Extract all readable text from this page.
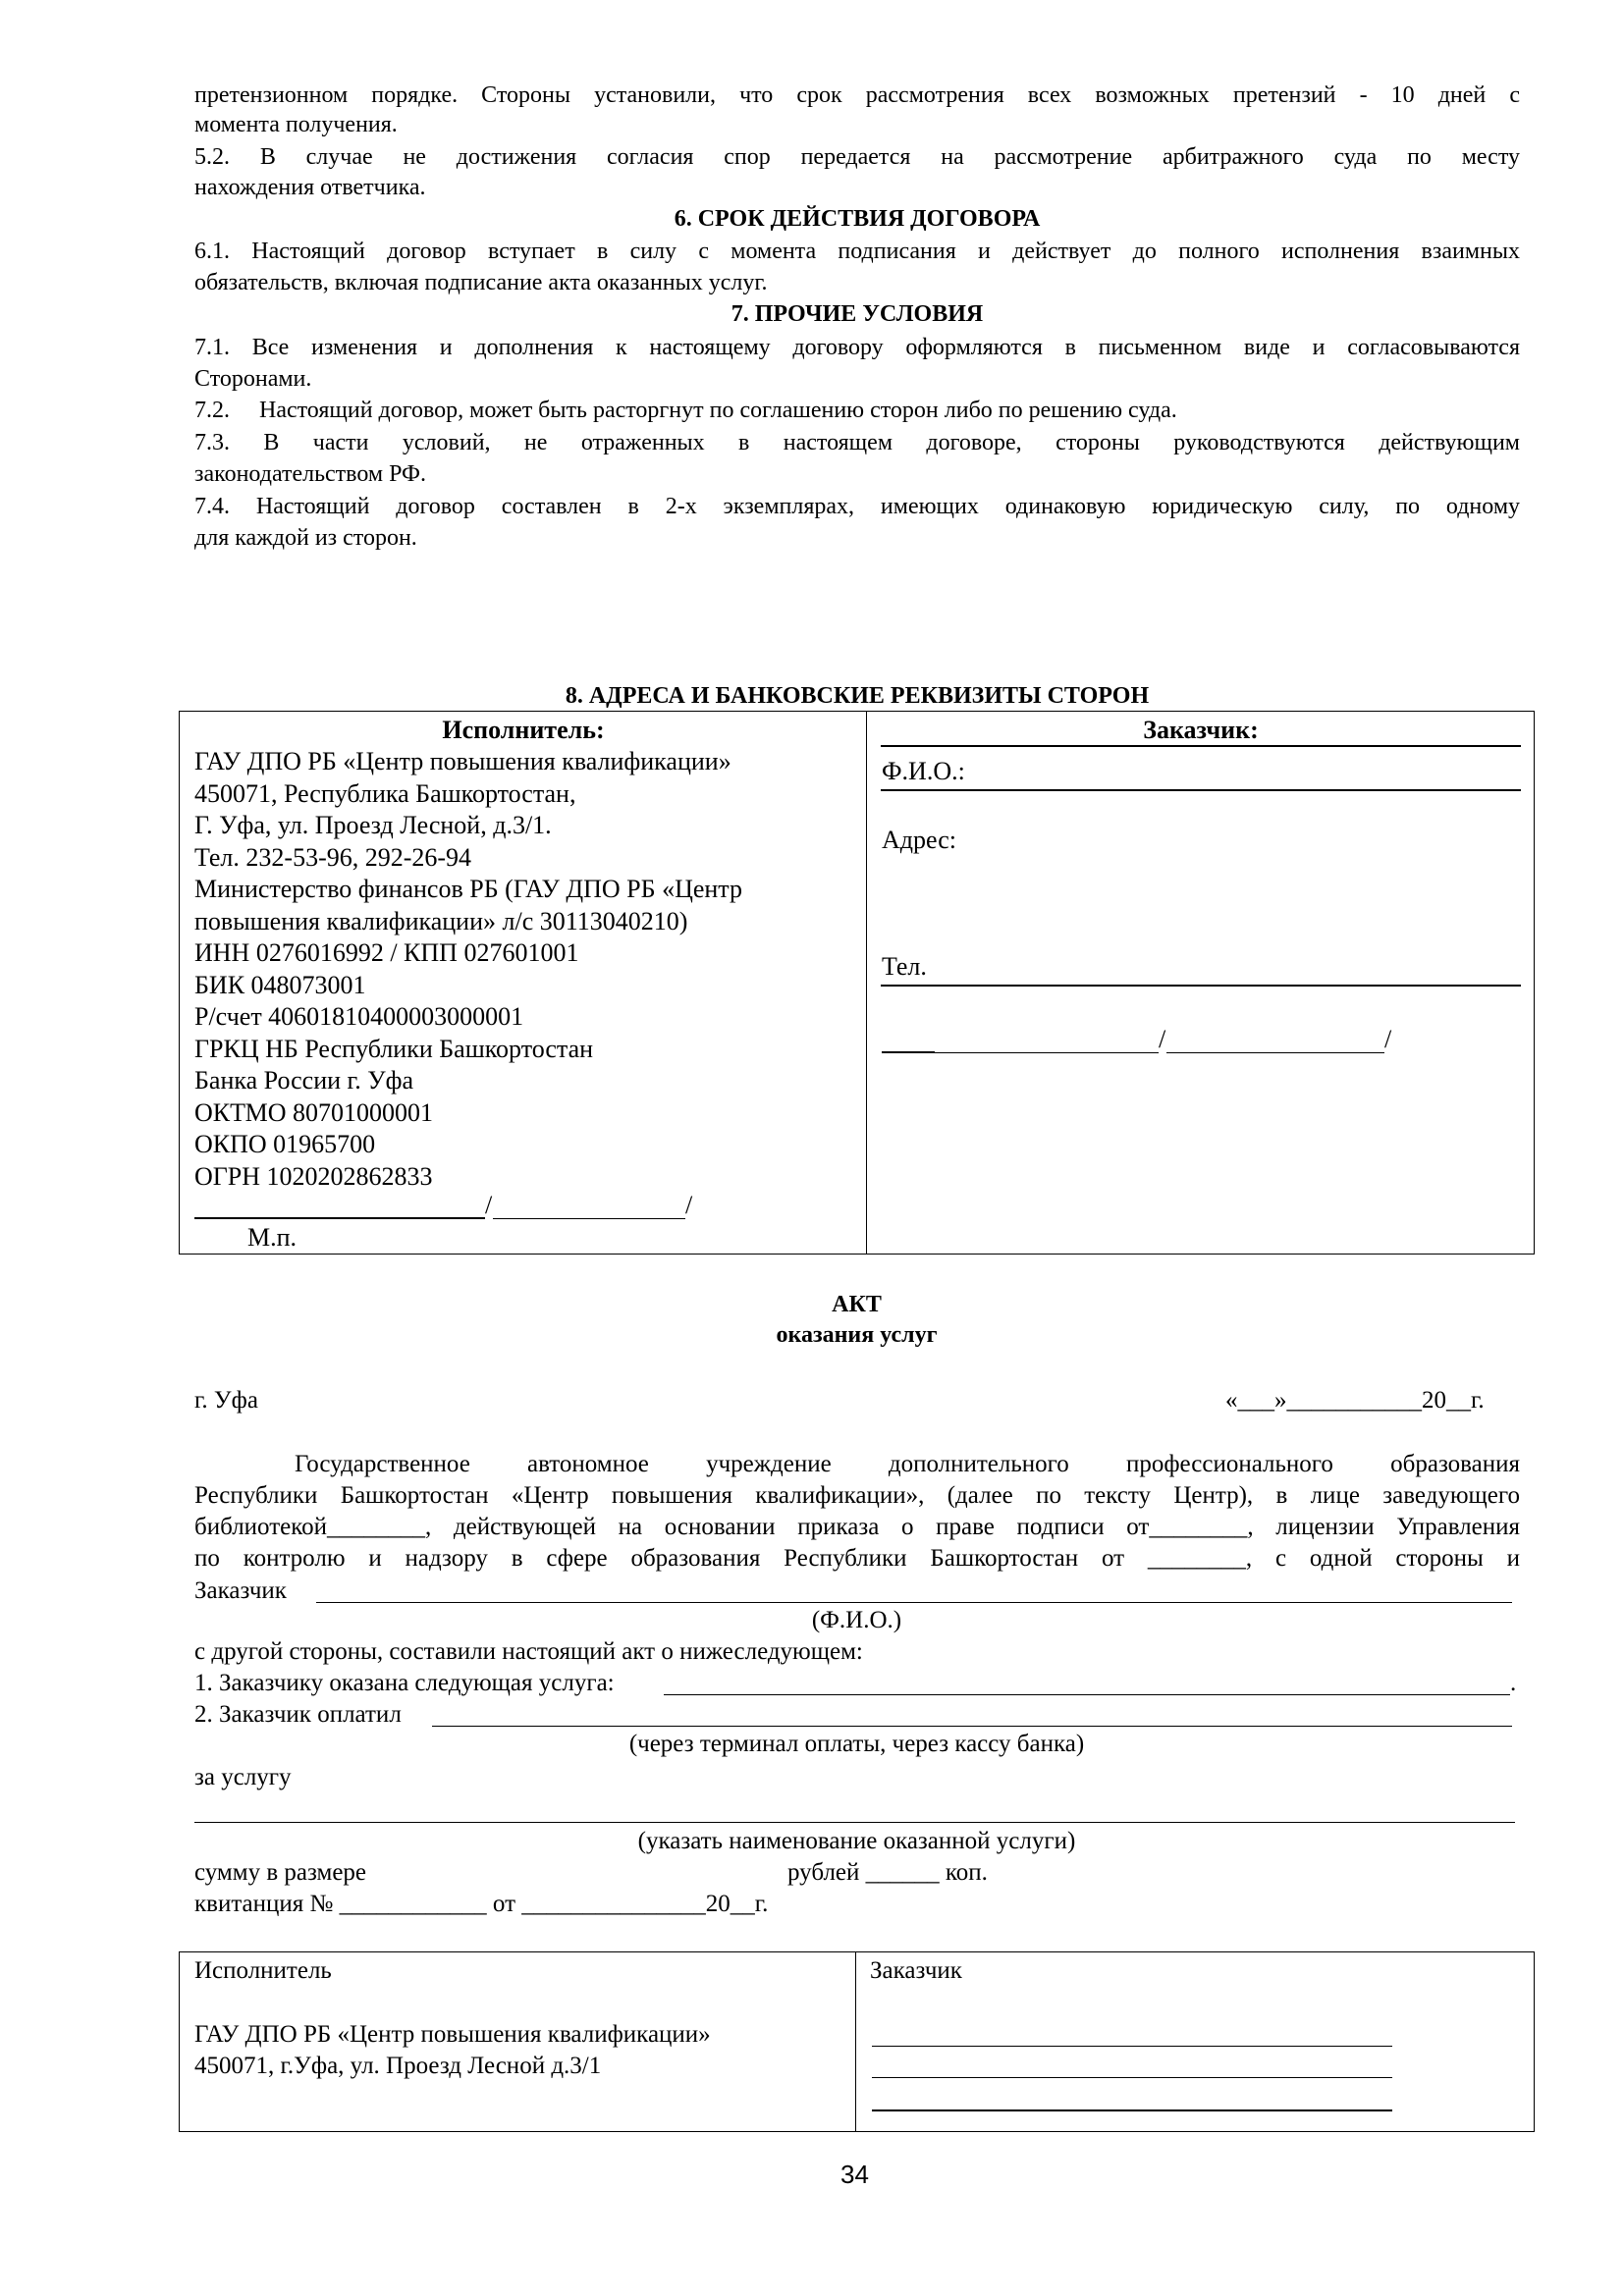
претензионном порядке. Стороны установили, что срок рассмотрения всех возможных претензий - 10 дней с
момента получения.
5.2. В случае не достижения согласия спор передается на рассмотрение арбитражного суда по месту
нахождения ответчика.
6. СРОК ДЕЙСТВИЯ ДОГОВОРА
6.1. Настоящий договор вступает в силу с момента подписания и действует до полного исполнения взаимных
обязательств, включая подписание акта оказанных услуг.
7. ПРОЧИЕ УСЛОВИЯ
7.1. Все изменения и дополнения к настоящему договору оформляются в письменном виде и согласовываются
Сторонами.
7.2.     Настоящий договор, может быть расторгнут по соглашению сторон либо по решению суда.
7.3. В части условий, не отраженных в настоящем договоре, стороны руководствуются действующим
законодательством РФ.
7.4. Настоящий договор составлен в 2-х экземплярах, имеющих одинаковую юридическую силу, по одному
для каждой из сторон.
8. АДРЕСА И БАНКОВСКИЕ РЕКВИЗИТЫ СТОРОН
Исполнитель:
ГАУ ДПО РБ «Центр повышения квалификации»
450071, Республика Башкортостан,
Г. Уфа, ул. Проезд Лесной, д.3/1.
Тел. 232-53-96, 292-26-94
Министерство финансов РБ (ГАУ ДПО РБ «Центр
повышения квалификации» л/с 30113040210)
ИНН 0276016992 / КПП 027601001
БИК 048073001
Р/счет 40601810400003000001
ГРКЦ НБ Республики Башкортостан
Банка России г. Уфа
ОКТМО 80701000001
ОКПО 01965700
ОГРН 1020202862833
/	/
М.п.
Заказчик:
Ф.И.О.:
Адрес:
Тел.
/	/
АКТ
оказания услуг
г. Уфа	«___»___________20__г.
Государственное автономное учреждение дополнительного профессионального образования
Республики Башкортостан «Центр повышения квалификации», (далее по тексту Центр), в лице заведующего
библиотекой________, действующей на основании приказа о праве подписи от________, лицензии Управления
по контролю и надзору в сфере образования Республики Башкортостан от ________, с одной стороны и
Заказчик
(Ф.И.О.)
с другой стороны, составили настоящий акт о нижеследующем:
1. Заказчику оказана следующая услуга:	.
2. Заказчик оплатил
(через терминал оплаты, через кассу банка)
за услугу
(указать наименование оказанной услуги)
сумму в размере	рублей ______ коп.
квитанция № ____________ от _______________20__г.
Исполнитель
ГАУ ДПО РБ «Центр повышения квалификации»
450071, г.Уфа, ул. Проезд Лесной д.3/1
Заказчик
34
